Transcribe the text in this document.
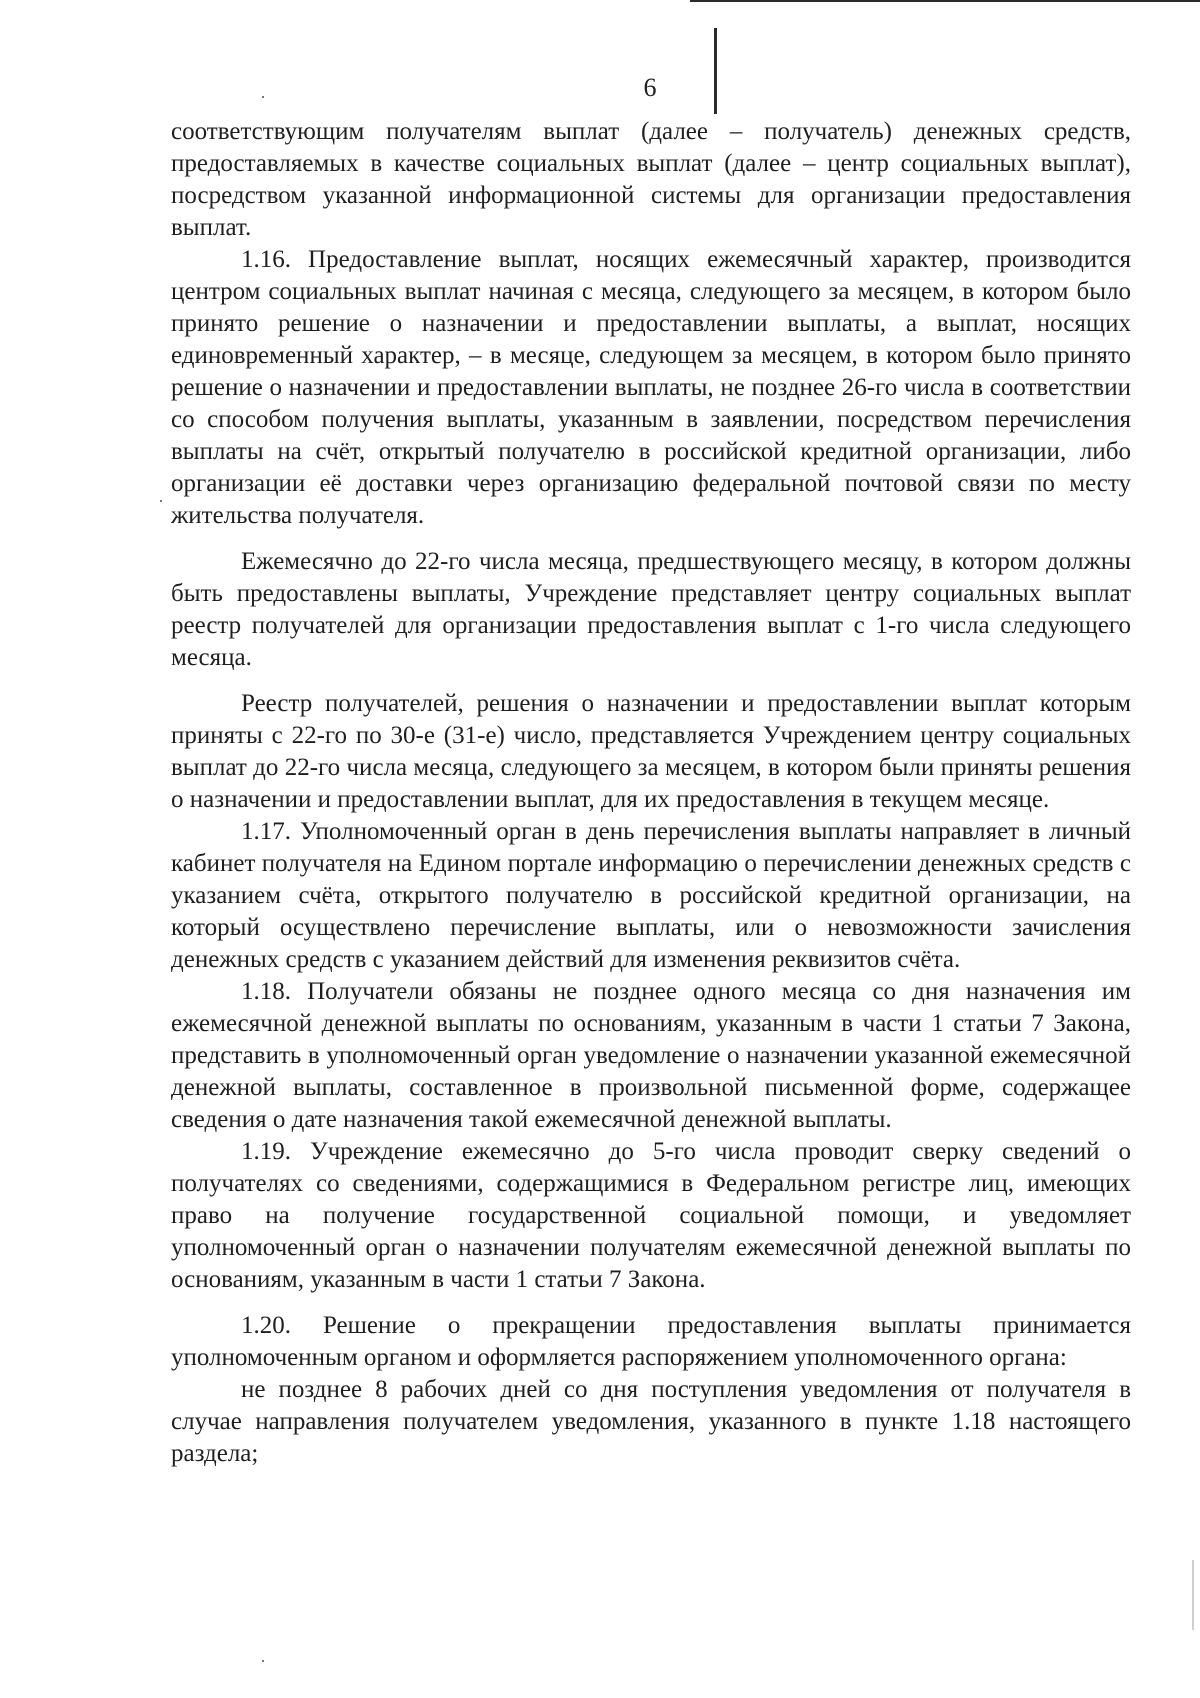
6

соответствующим получателям выплат (далее – получатель) денежных средств, предоставляемых в качестве социальных выплат (далее – центр социальных выплат), посредством указанной информационной системы для организации предоставления выплат.

1.16. Предоставление выплат, носящих ежемесячный характер, производится центром социальных выплат начиная с месяца, следующего за месяцем, в котором было принято решение о назначении и предоставлении выплаты, а выплат, носящих единовременный характер, – в месяце, следующем за месяцем, в котором было принято решение о назначении и предоставлении выплаты, не позднее 26-го числа в соответствии со способом получения выплаты, указанным в заявлении, посредством перечисления выплаты на счёт, открытый получателю в российской кредитной организации, либо организации её доставки через организацию федеральной почтовой связи по месту жительства получателя.

Ежемесячно до 22-го числа месяца, предшествующего месяцу, в котором должны быть предоставлены выплаты, Учреждение представляет центру социальных выплат реестр получателей для организации предоставления выплат с 1-го числа следующего месяца.

Реестр получателей, решения о назначении и предоставлении выплат которым приняты с 22-го по 30-е (31-е) число, представляется Учреждением центру социальных выплат до 22-го числа месяца, следующего за месяцем, в котором были приняты решения о назначении и предоставлении выплат, для их предоставления в текущем месяце.

1.17. Уполномоченный орган в день перечисления выплаты направляет в личный кабинет получателя на Едином портале информацию о перечислении денежных средств с указанием счёта, открытого получателю в российской кредитной организации, на который осуществлено перечисление выплаты, или о невозможности зачисления денежных средств с указанием действий для изменения реквизитов счёта.

1.18. Получатели обязаны не позднее одного месяца со дня назначения им ежемесячной денежной выплаты по основаниям, указанным в части 1 статьи 7 Закона, представить в уполномоченный орган уведомление о назначении указанной ежемесячной денежной выплаты, составленное в произвольной письменной форме, содержащее сведения о дате назначения такой ежемесячной денежной выплаты.

1.19. Учреждение ежемесячно до 5-го числа проводит сверку сведений о получателях со сведениями, содержащимися в Федеральном регистре лиц, имеющих право на получение государственной социальной помощи, и уведомляет уполномоченный орган о назначении получателям ежемесячной денежной выплаты по основаниям, указанным в части 1 статьи 7 Закона.

1.20. Решение о прекращении предоставления выплаты принимается уполномоченным органом и оформляется распоряжением уполномоченного органа:

не позднее 8 рабочих дней со дня поступления уведомления от получателя в случае направления получателем уведомления, указанного в пункте 1.18 настоящего раздела;
